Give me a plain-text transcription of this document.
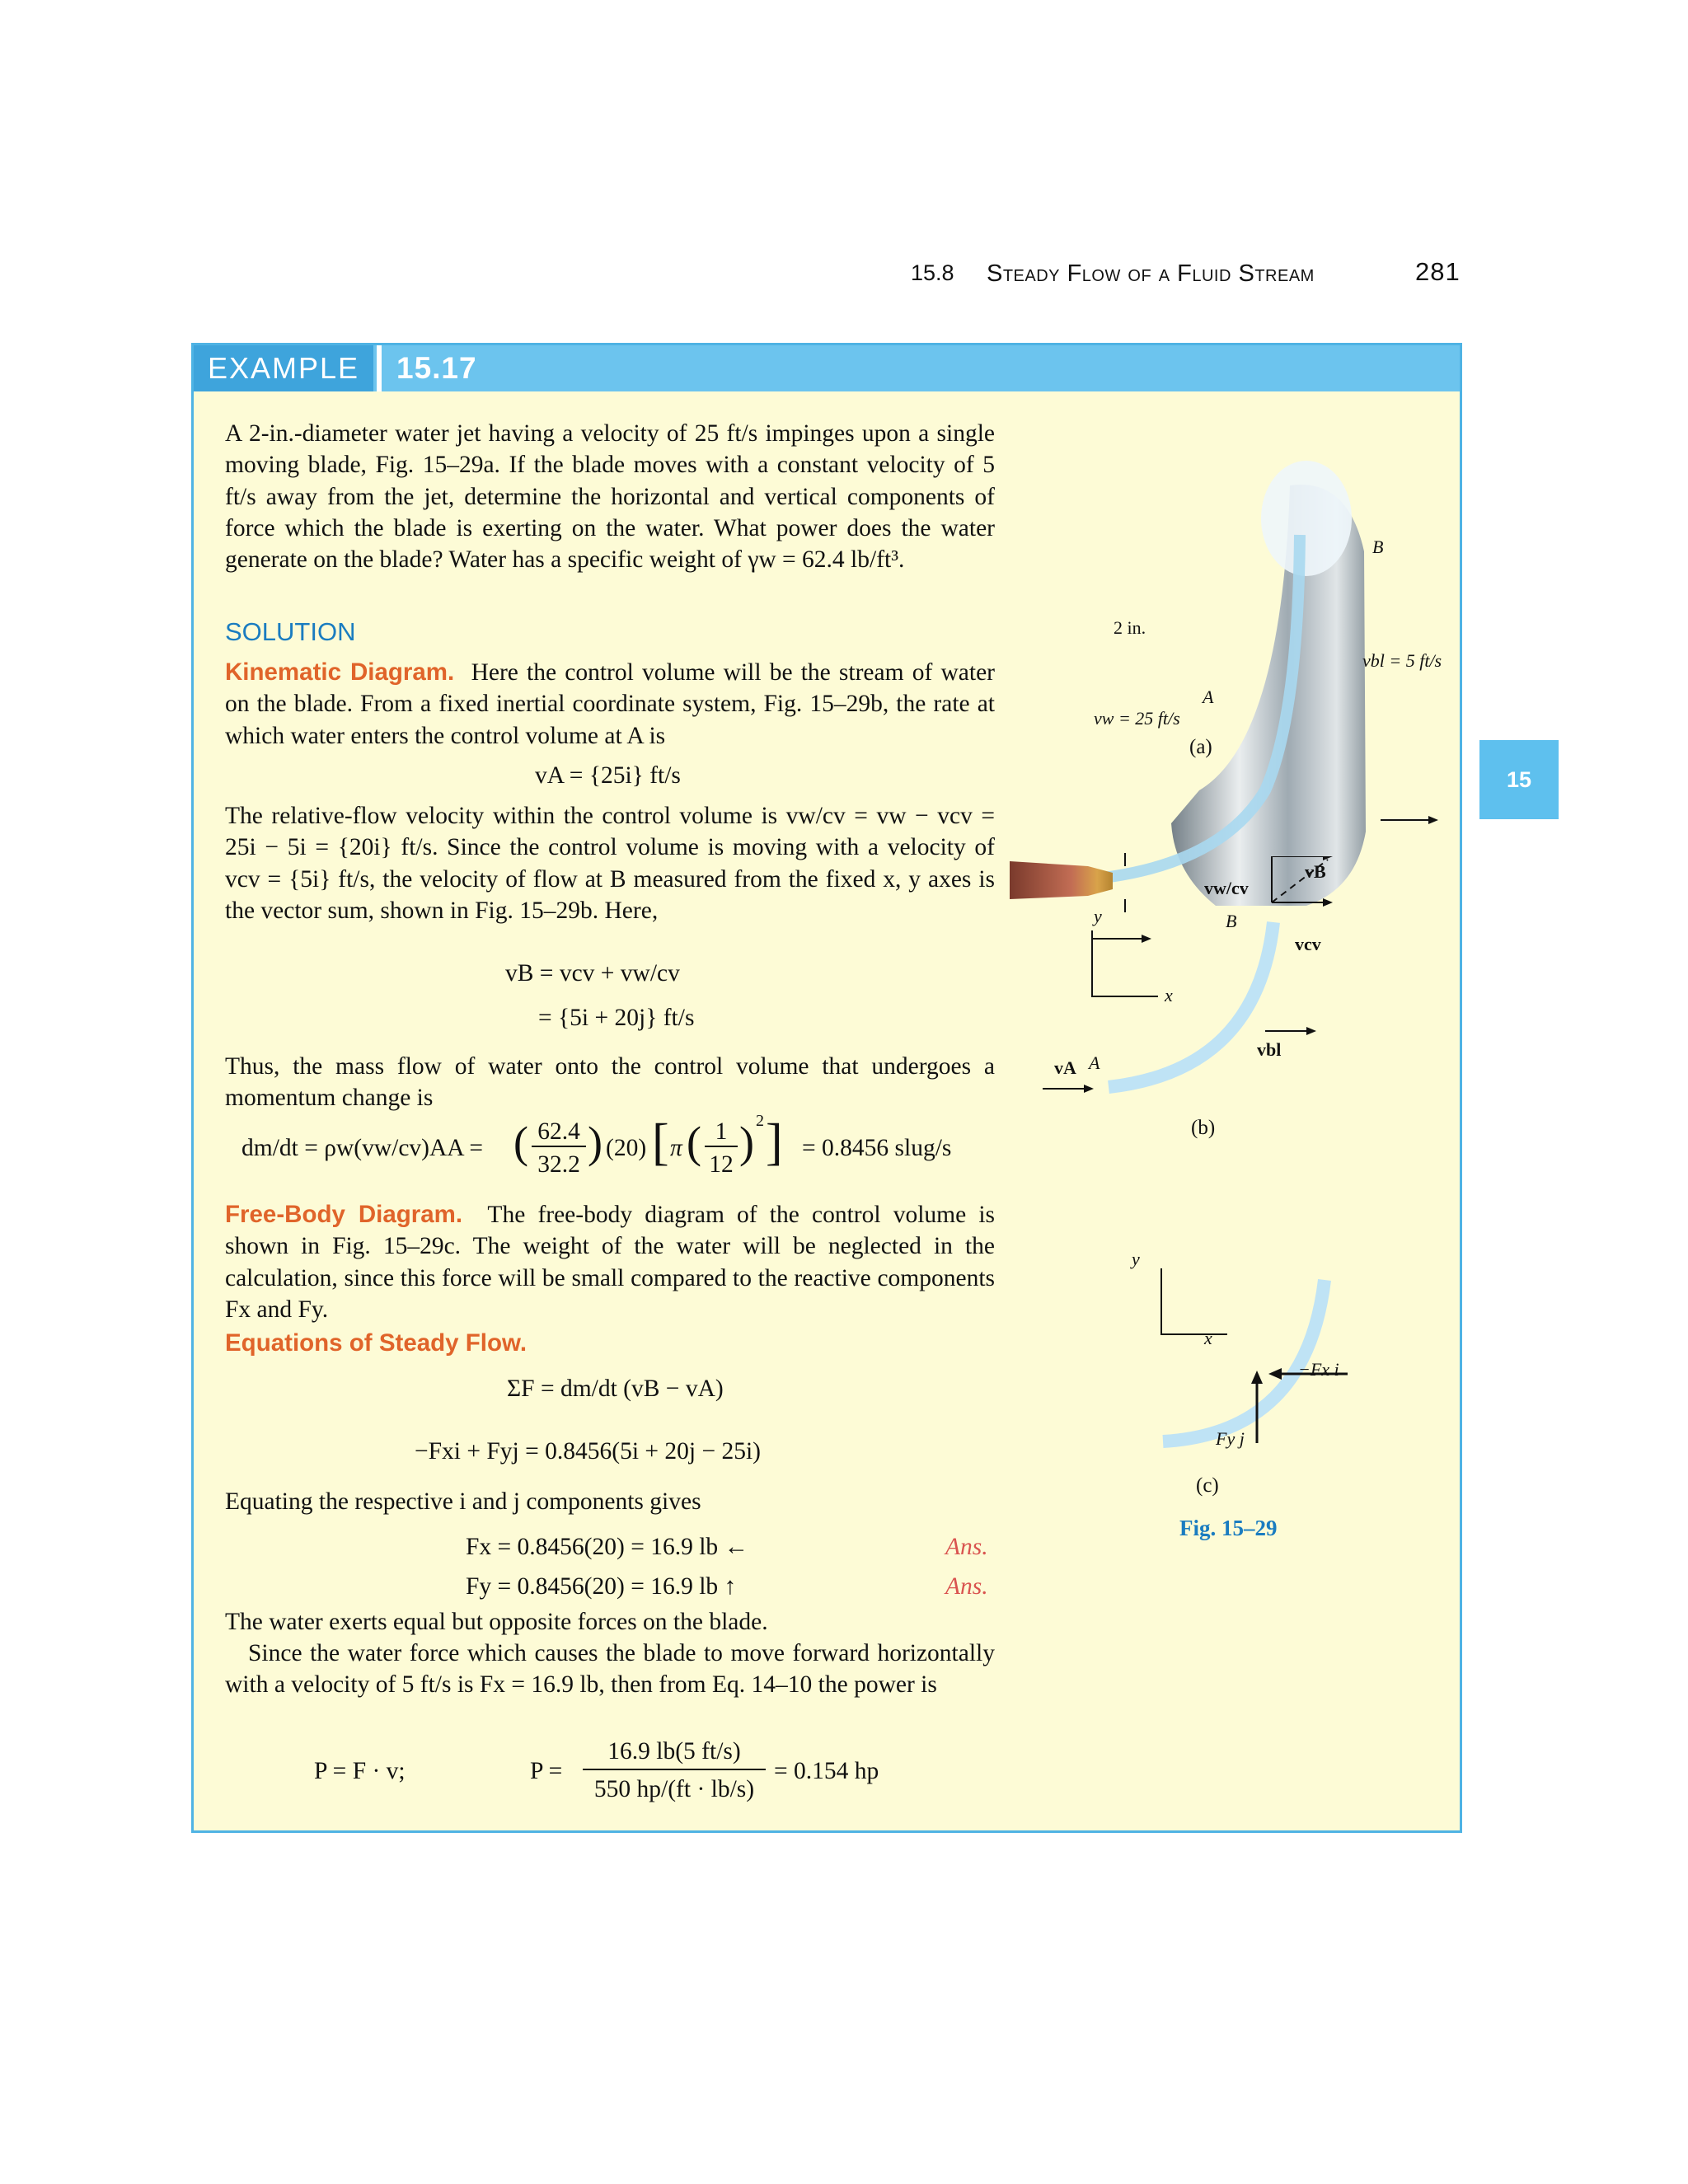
15.8 Steady Flow of a Fluid Stream	281
15
EXAMPLE	15.17

A 2-in.-diameter water jet having a velocity of 25 ft/s impinges upon a single moving blade, Fig. 15–29a. If the blade moves with a constant velocity of 5 ft/s away from the jet, determine the horizontal and vertical components of force which the blade is exerting on the water. What power does the water generate on the blade? Water has a specific weight of γw = 62.4 lb/ft³.

SOLUTION

Kinematic Diagram. Here the control volume will be the stream of water on the blade. From a fixed inertial coordinate system, Fig. 15–29b, the rate at which water enters the control volume at A is

vA = {25i} ft/s

The relative-flow velocity within the control volume is vw/cv = vw − vcv = 25i − 5i = {20i} ft/s. Since the control volume is moving with a velocity of vcv = {5i} ft/s, the velocity of flow at B measured from the fixed x, y axes is the vector sum, shown in Fig. 15–29b. Here,

vB = vcv + vw/cv
= {5i + 20j} ft/s

Thus, the mass flow of water onto the control volume that undergoes a momentum change is

dm/dt = ρw(vw/cv)AA = ( 62.4
32.2 ) (20) [ π ( 1
12 ) 2 ] = 0.8456 slug/s

Free-Body Diagram. The free-body diagram of the control volume is shown in Fig. 15–29c. The weight of the water will be neglected in the calculation, since this force will be small compared to the reactive components Fx and Fy.

Equations of Steady Flow.
ΣF = dm/dt (vB − vA)
−Fxi + Fyj = 0.8456(5i + 20j − 25i)

Equating the respective i and j components gives

Fx = 0.8456(20) = 16.9 lb ←	Ans.
Fy = 0.8456(20) = 16.9 lb ↑	Ans.

The water exerts equal but opposite forces on the blade.

Since the water force which causes the blade to move forward horizontally with a velocity of 5 ft/s is Fx = 16.9 lb, then from Eq. 14–10 the power is

P = F · v;	P =
16.9 lb(5 ft/s)
550 hp/(ft · lb/s)
= 0.154 hp
2 in.
B
A
vw = 25 ft/s
vbl = 5 ft/s
(a)
y
x
vB
vw/cv
B
vcv
vbl
vA A
(b)
y
x
−Fx i
Fy j
(c)
Fig. 15–29
